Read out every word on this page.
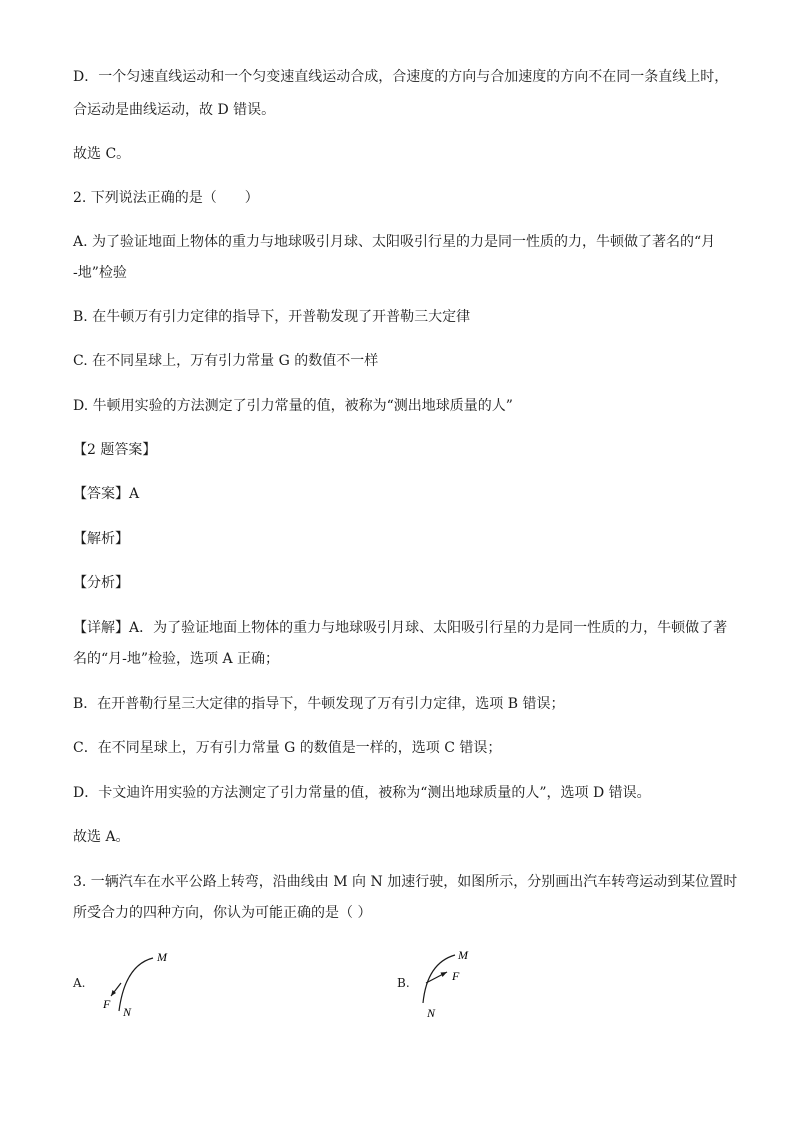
D．一个匀速直线运动和一个匀变速直线运动合成，合速度的方向与合加速度的方向不在同一条直线上时，
合运动是曲线运动，故 D 错误。
故选 C。
2. 下列说法正确的是（　　）
A. 为了验证地面上物体的重力与地球吸引月球、太阳吸引行星的力是同一性质的力，牛顿做了著名的“月
-地”检验
B. 在牛顿万有引力定律的指导下，开普勒发现了开普勒三大定律
C. 在不同星球上，万有引力常量 G 的数值不一样
D. 牛顿用实验的方法测定了引力常量的值，被称为“测出地球质量的人”
【2 题答案】
【答案】A
【解析】
【分析】
【详解】A．为了验证地面上物体的重力与地球吸引月球、太阳吸引行星的力是同一性质的力，牛顿做了著
名的“月-地”检验，选项 A 正确；
B．在开普勒行星三大定律的指导下，牛顿发现了万有引力定律，选项 B 错误；
C．在不同星球上，万有引力常量 G 的数值是一样的，选项 C 错误；
D．卡文迪许用实验的方法测定了引力常量的值，被称为“测出地球质量的人”，选项 D 错误。
故选 A。
3. 一辆汽车在水平公路上转弯，沿曲线由 M 向 N 加速行驶，如图所示，分别画出汽车转弯运动到某位置时
所受合力的四种方向，你认为可能正确的是（ ）
A.
M
F
N
B.
M
F
N
